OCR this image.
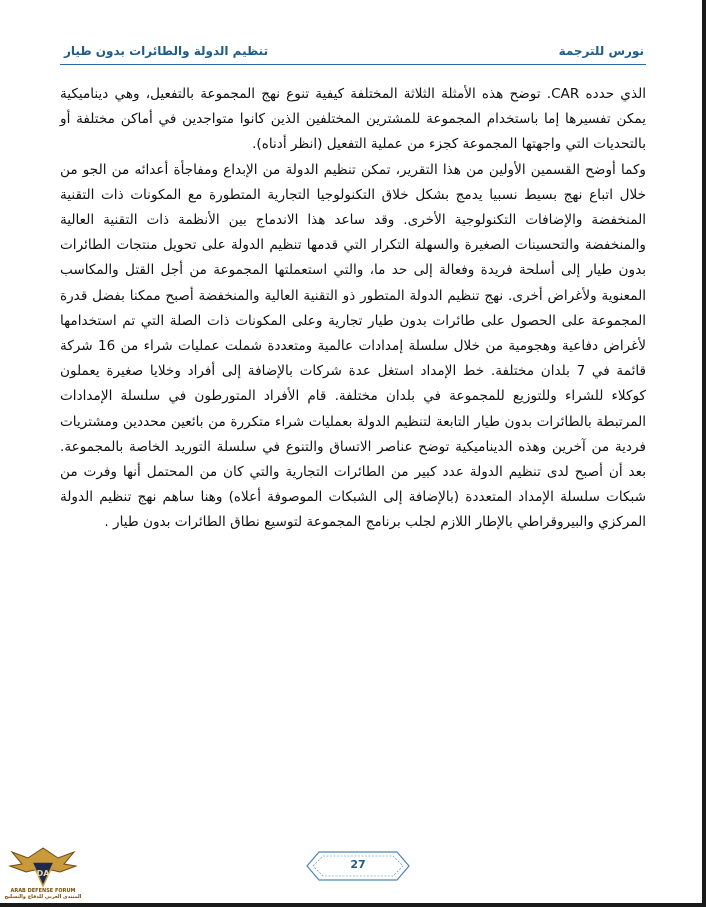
تنظيم الدولة والطائرات بدون طيار	نورس للترجمة

الذي حدده CAR. توضح هذه الأمثلة الثلاثة المختلفة كيفية تنوع نهج المجموعة بالتفعيل، وهي ديناميكية يمكن تفسيرها إما باستخدام المجموعة للمشترين المختلفين الذين كانوا متواجدين في أماكن مختلفة أو بالتحديات التي واجهتها المجموعة كجزء من عملية التفعيل (انظر أدناه).

وكما أوضح القسمين الأولين من هذا التقرير، تمكن تنظيم الدولة من الإبداع ومفاجأة أعدائه من الجو من خلال اتباع نهج بسيط نسبيا يدمج بشكل خلاق التكنولوجيا التجارية المتطورة مع المكونات ذات التقنية المنخفضة والإضافات التكنولوجية الأخرى. وقد ساعد هذا الاندماج بين الأنظمة ذات التقنية العالية والمنخفضة والتحسينات الصغيرة والسهلة التكرار التي قدمها تنظيم الدولة على تحويل منتجات الطائرات بدون طيار إلى أسلحة فريدة وفعالة إلى حد ما، والتي استعملتها المجموعة من أجل القتل والمكاسب المعنوية ولأغراض أخرى. نهج تنظيم الدولة المتطور ذو التقنية العالية والمنخفضة أصبح ممكنا بفضل قدرة المجموعة على الحصول على طائرات بدون طيار تجارية وعلى المكونات ذات الصلة التي تم استخدامها لأغراض دفاعية وهجومية من خلال سلسلة إمدادات عالمية ومتعددة شملت عمليات شراء من 16 شركة قائمة في 7 بلدان مختلفة. خط الإمداد استغل عدة شركات بالإضافة إلى أفراد وخلايا صغيرة يعملون كوكلاء للشراء وللتوزيع للمجموعة في بلدان مختلفة. قام الأفراد المتورطون في سلسلة الإمدادات المرتبطة بالطائرات بدون طيار التابعة لتنظيم الدولة بعمليات شراء متكررة من بائعين محددين ومشتريات فردية من آخرين وهذه الديناميكية توضح عناصر الاتساق والتنوع في سلسلة التوريد الخاصة بالمجموعة. بعد أن أصبح لدى تنظيم الدولة عدد كبير من الطائرات التجارية والتي كان من المحتمل أنها وفرت من شبكات سلسلة الإمداد المتعددة (بالإضافة إلى الشبكات الموصوفة أعلاه) وهنا ساهم نهج تنظيم الدولة المركزي والبيروقراطي بالإطار اللازم لجلب برنامج المجموعة لتوسيع نطاق الطائرات بدون طيار .

DA
ARAB DEFENSE FORUM
المنتدى العربي للدفاع والتسليح
27
